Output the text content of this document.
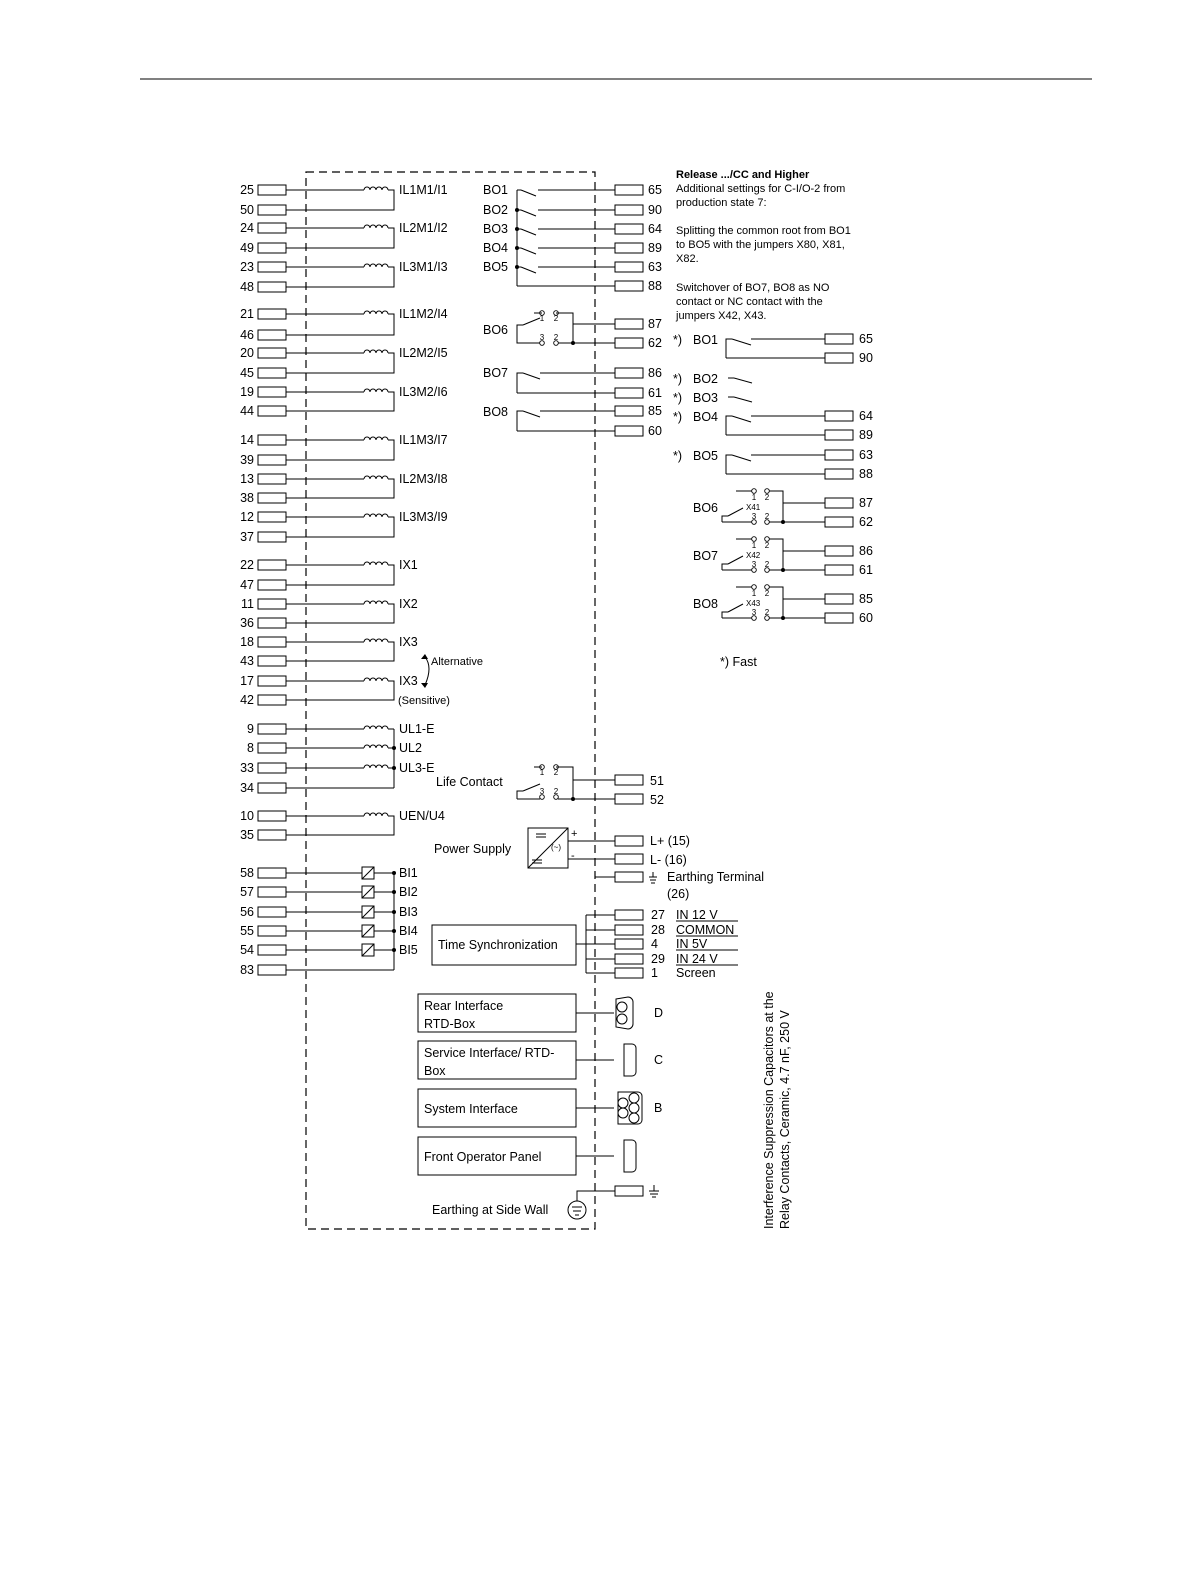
25
50
24
49
23
48
21
46
20
45
19
44
14
39
13
38
12
37
22
47
11
36
18
43
17
42
9
8
33
34
10
35
58
57
56
55
54
83
IL1M1/I1
IL2M1/I2
IL3M1/I3
IL1M2/I4
IL2M2/I5
IL3M2/I6
IL1M3/I7
IL2M3/I8
IL3M3/I9
IX1
IX2
IX3
IX3
(Sensitive)
Alternative
UL1-E
UL2
UL3-E
UEN/U4
BI1
BI2
BI3
BI4
BI5
65
BO1
90
BO2
64
BO3
89
BO4
63
BO5
88
BO6
1 2
3 2
87
62
BO7	86
61
BO8	85
60
Life Contact
1 2
3 2
51
52
Power Supply	(~)
+
-
L+ (15)
L- (16)
Earthing Terminal
(26)
Time Synchronization
27 IN 12 V
28 COMMON
4 IN 5V
29 IN 24 V
1 Screen
Rear Interface
RTD-Box
D
Service Interface/ RTD-
Box
C
System Interface	B
Front Operator Panel
Earthing at Side Wall
Release .../CC and Higher
Additional settings for C-I/O-2 from
production state 7:
Splitting the common root from BO1
to BO5 with the jumpers X80, X81,
X82.
Switchover of BO7, BO8 as NO
contact or NC contact with the
jumpers X42, X43.
*) BO1	65
90
*) BO2
*) BO3
*) BO4	64
89
*) BO5	63
88
BO6
1 2
3 2
X41	87
62
BO7
1 2
3 2
X42	86
61
BO8
1 2
3 2
X43	85
60
*) Fast
Interference Suppression Capacitors at the Relay Contacts, Ceramic, 4.7 nF, 250 V
